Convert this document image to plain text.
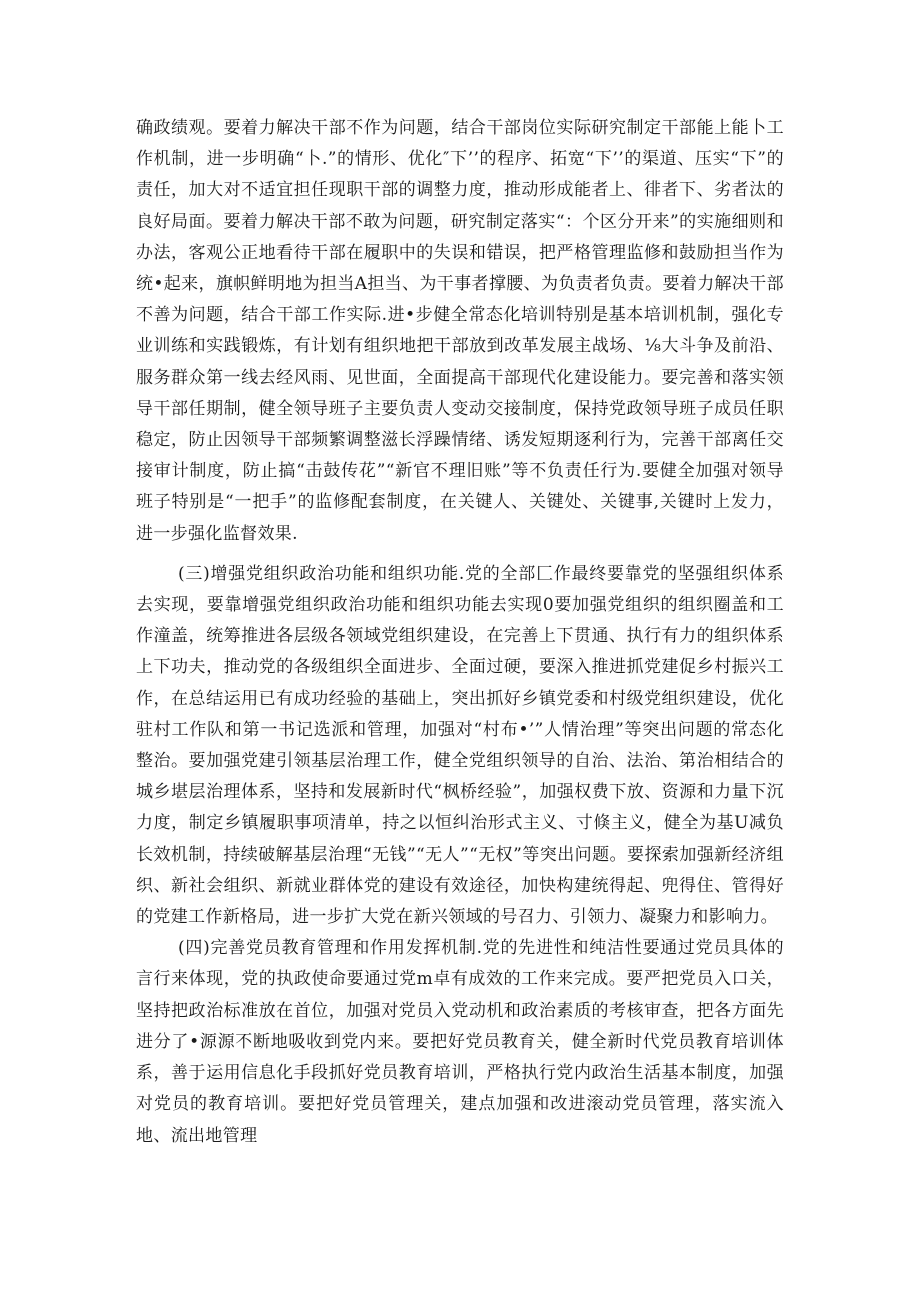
确政绩观。要着力解决干部不作为问题，结合干部岗位实际研究制定干部能上能卜工作机制，进一步明确“卜.”的情形、优化″下’’的程序、拓宽“下’’的渠道、压实“下”的责任，加大对不适宜担任现职干部的调整力度，推动形成能者上、徘者下、劣者汰的良好局面。要着力解决干部不敢为问题，研究制定落实“：个区分开来”的实施细则和办法，客观公正地看待干部在履职中的失误和错误，把严格管理监修和鼓励担当作为统•起来，旗帜鲜明地为担当A担当、为干事者撑腰、为负责者负责。要着力解决干部不善为问题，结合干部工作实际.进•步健全常态化培训特别是基本培训机制，强化专业训练和实践锻炼，有计划有组织地把干部放到改革发展主战场、⅛大斗争及前沿、服务群众第一线去经风雨、见世面，全面提高干部现代化建设能力。要完善和落实领导干部任期制，健全领导班子主要负责人变动交接制度，保持党政领导班子成员任职稳定，防止因领导干部频繁调整滋长浮躁情绪、诱发短期逐利行为，完善干部离任交接审计制度，防止搞“击鼓传花”“新官不理旧账”等不负责任行为.要健全加强对领导班子特别是“一把手”的监修配套制度，在关键人、关键处、关键事,关键时上发力，进一步强化监督效果.

(三)增强党组织政治功能和组织功能.党的全部匚作最终要靠党的坚强组织体系去实现，要靠增强党组织政治功能和组织功能去实现0要加强党组织的组织圈盖和工作潼盖，统筹推进各层级各领域党组织建设，在完善上下贯通、执行有力的组织体系上下功夫，推动党的各级组织全面进步、全面过硬，要深入推进抓党建促乡村振兴工作，在总结运用已有成功经验的基础上，突出抓好乡镇党委和村级党组织建设，优化驻村工作队和第一书记选派和管理，加强对“村布•’”人情治理”等突出问题的常态化整治。要加强党建引领基层治理工作，健全党组织领导的自治、法治、第治相结合的城乡堪层治理体系，坚持和发展新时代“枫桥经验”，加强权费下放、资源和力量下沉力度，制定乡镇履职事项清单，持之以恒纠治形式主义、寸倏主义，健全为基U减负长效机制，持续破解基层治理“无钱”“无人”“无权”等突出问题。要探索加强新经济组织、新社会组织、新就业群体党的建设有效途径，加快构建统得起、兜得住、管得好的党建工作新格局，进一步扩大党在新兴领域的号召力、引领力、凝聚力和影响力。

(四)完善党员教育管理和作用发挥机制.党的先进性和纯洁性要通过党员具体的言行来体现，党的执政使命要通过党m卓有成效的工作来完成。要严把党员入口关，坚持把政治标准放在首位，加强对党员入党动机和政治素质的考核审查，把各方面先进分了•源源不断地吸收到党内来。要把好党员教育关，健全新时代党员教育培训体系，善于运用信息化手段抓好党员教育培训，严格执行党内政治生活基本制度，加强对党员的教育培训。要把好党员管理关，建点加强和改进滚动党员管理，落实流入地、流出地管理
